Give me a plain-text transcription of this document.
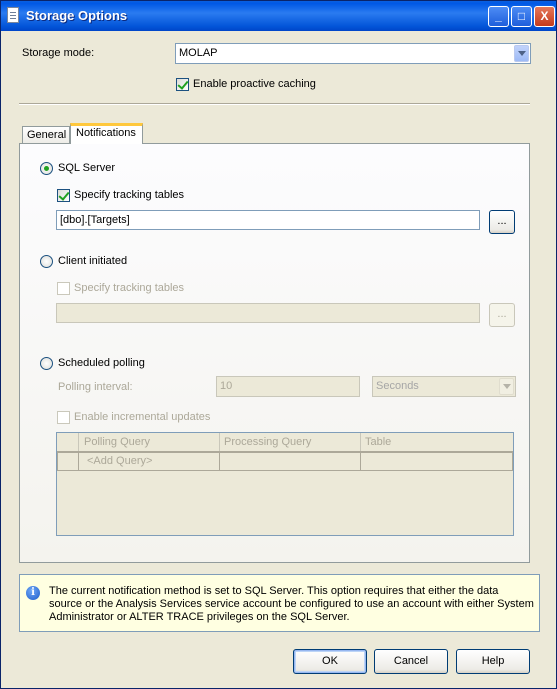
Storage Options	_	□	X
Storage mode:	MOLAP
Enable proactive caching
General Notifications
SQL Server
Specify tracking tables
[dbo].[Targets]	...
Client initiated
Specify tracking tables
...
Scheduled polling
Polling interval:	10	Seconds
Enable incremental updates
Polling Query	Processing Query	Table
<Add Query>
i	The current notification method is set to SQL Server. This option requires that either the data source or the Analysis Services service account be configured to use an account with either System Administrator or ALTER TRACE privileges on the SQL Server.
OK	Cancel	Help
